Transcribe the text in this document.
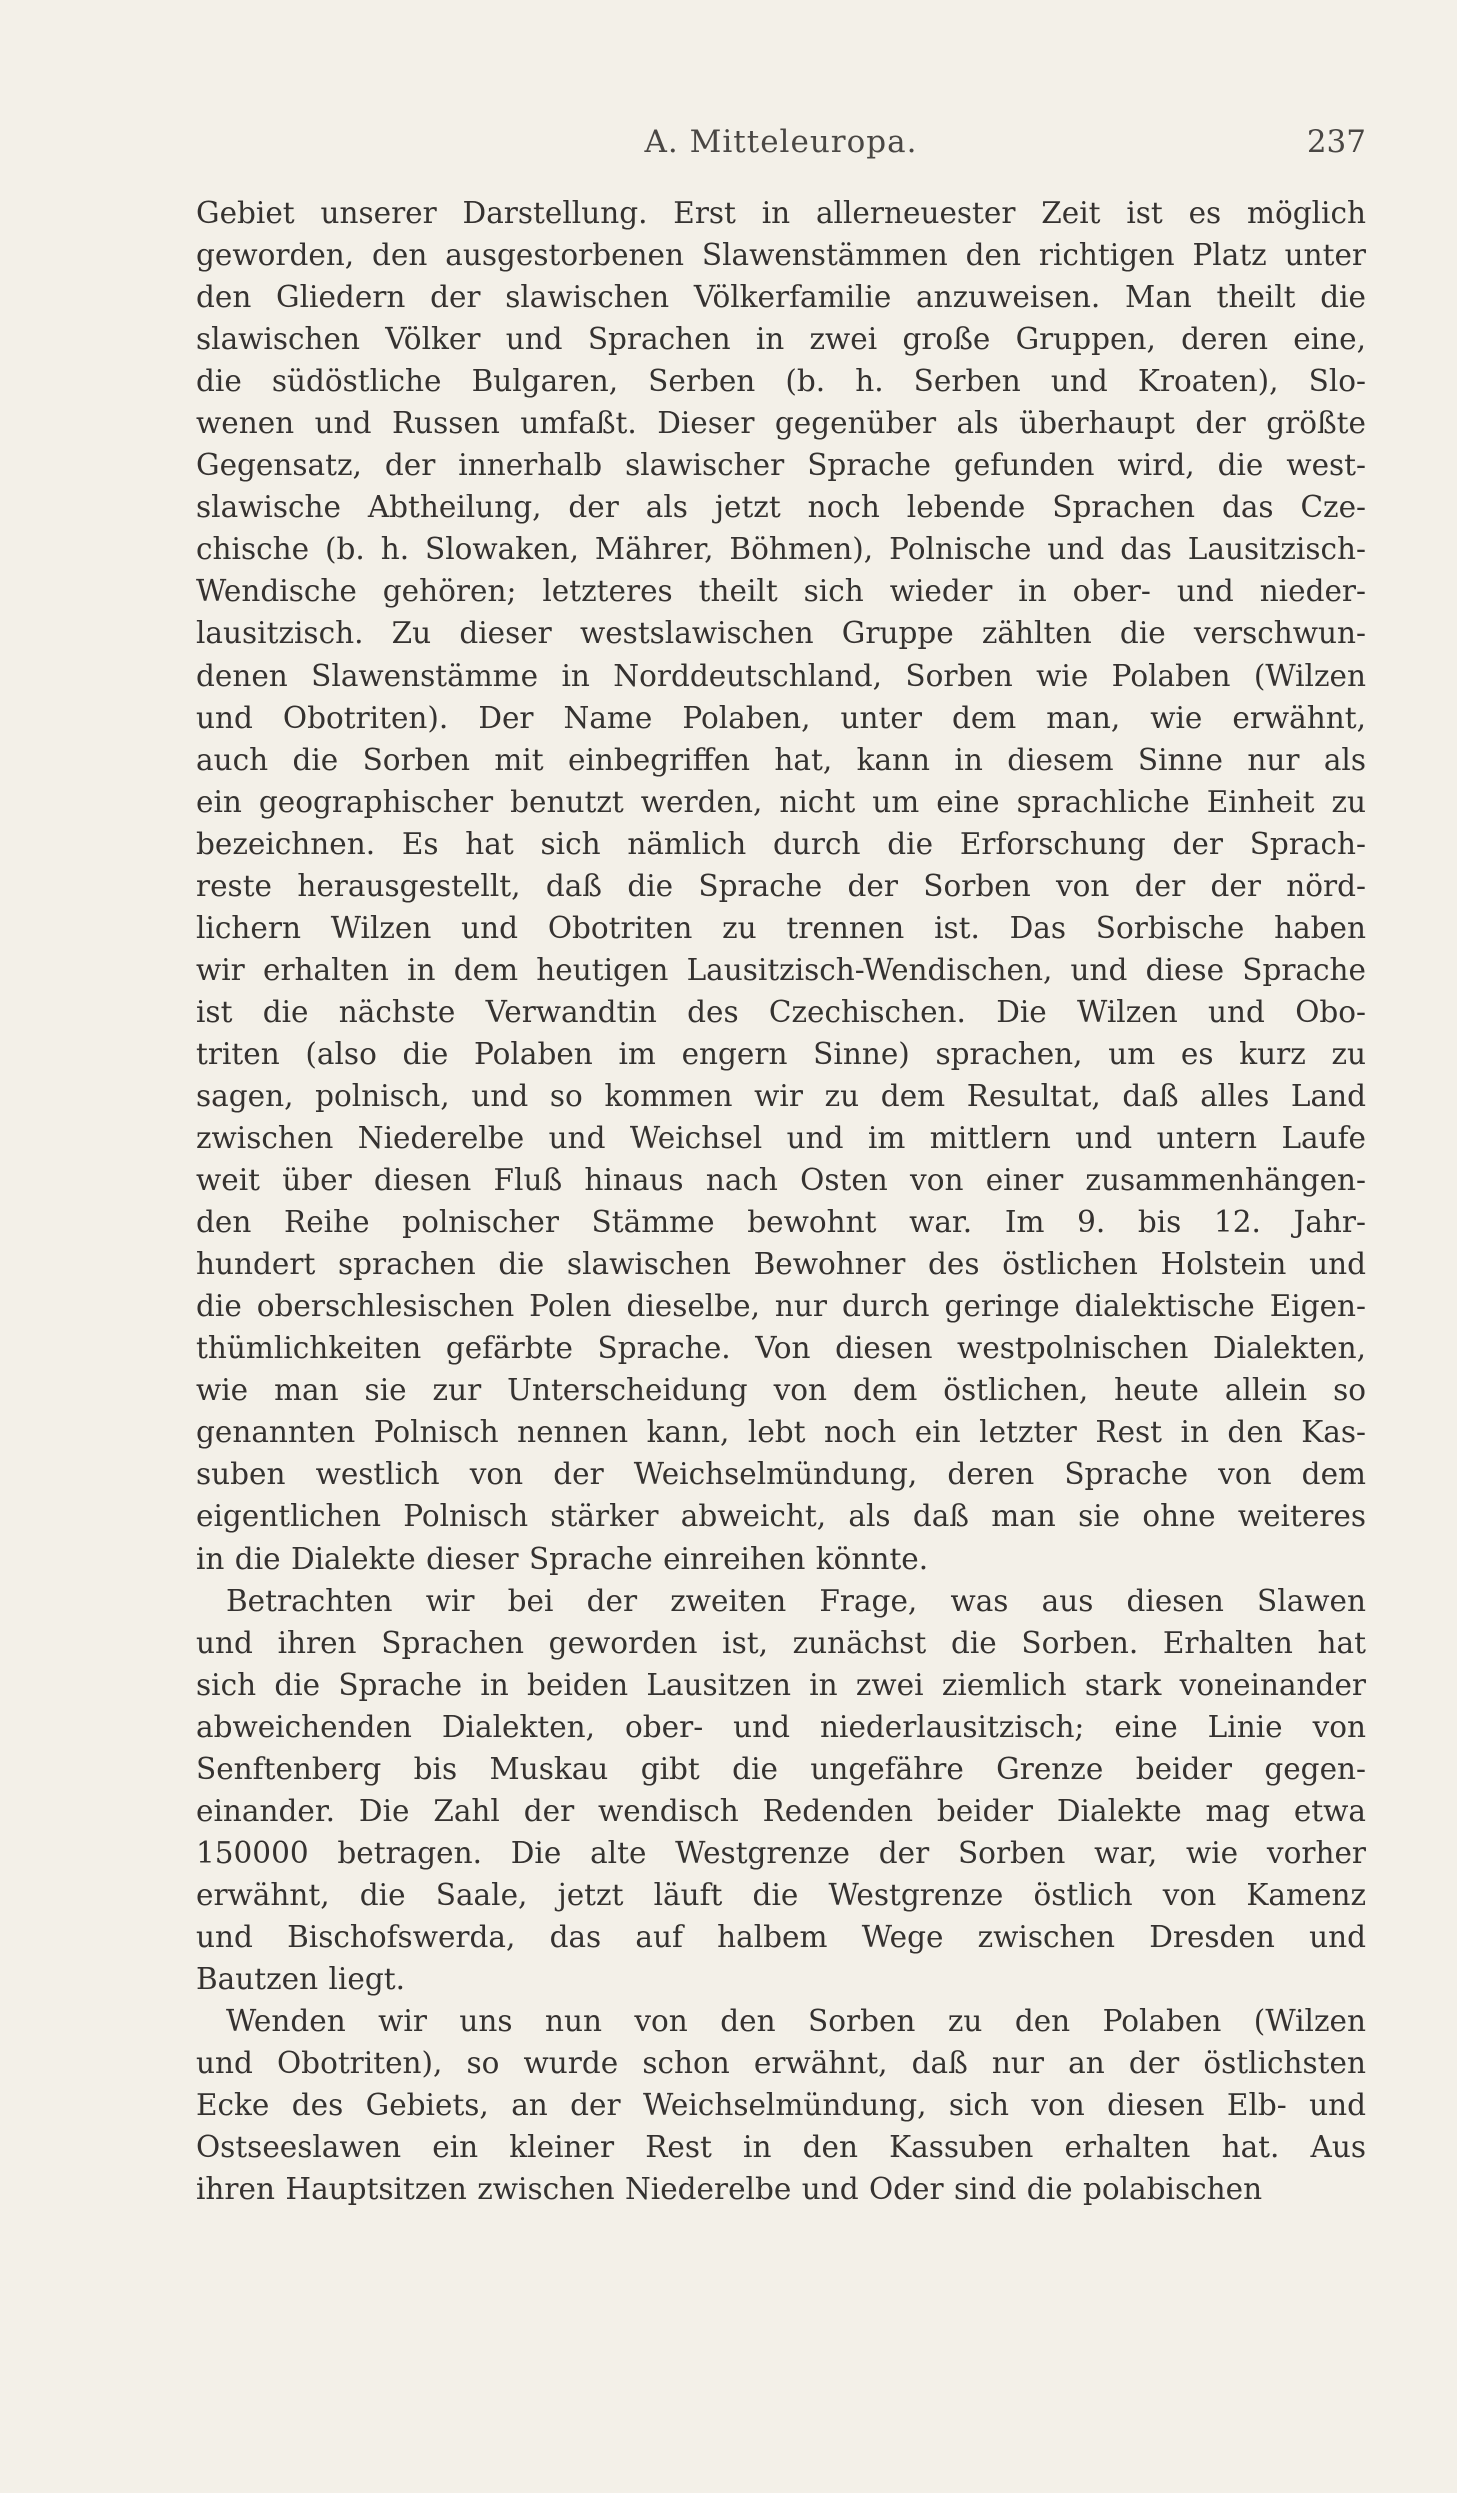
A. Mitteleuropa.	237
Gebiet unserer Darstellung. Erst in allerneuester Zeit ist es möglich
geworden, den ausgestorbenen Slawenstämmen den richtigen Platz unter
den Gliedern der slawischen Völkerfamilie anzuweisen. Man theilt die
slawischen Völker und Sprachen in zwei große Gruppen, deren eine,
die südöstliche Bulgaren, Serben (b. h. Serben und Kroaten), Slo-
wenen und Russen umfaßt. Dieser gegenüber als überhaupt der größte
Gegensatz, der innerhalb slawischer Sprache gefunden wird, die west-
slawische Abtheilung, der als jetzt noch lebende Sprachen das Cze-
chische (b. h. Slowaken, Mährer, Böhmen), Polnische und das Lausitzisch-
Wendische gehören; letzteres theilt sich wieder in ober- und nieder-
lausitzisch. Zu dieser westslawischen Gruppe zählten die verschwun-
denen Slawenstämme in Norddeutschland, Sorben wie Polaben (Wilzen
und Obotriten). Der Name Polaben, unter dem man, wie erwähnt,
auch die Sorben mit einbegriffen hat, kann in diesem Sinne nur als
ein geographischer benutzt werden, nicht um eine sprachliche Einheit zu
bezeichnen. Es hat sich nämlich durch die Erforschung der Sprach-
reste herausgestellt, daß die Sprache der Sorben von der der nörd-
lichern Wilzen und Obotriten zu trennen ist. Das Sorbische haben
wir erhalten in dem heutigen Lausitzisch-Wendischen, und diese Sprache
ist die nächste Verwandtin des Czechischen. Die Wilzen und Obo-
triten (also die Polaben im engern Sinne) sprachen, um es kurz zu
sagen, polnisch, und so kommen wir zu dem Resultat, daß alles Land
zwischen Niederelbe und Weichsel und im mittlern und untern Laufe
weit über diesen Fluß hinaus nach Osten von einer zusammenhängen-
den Reihe polnischer Stämme bewohnt war. Im 9. bis 12. Jahr-
hundert sprachen die slawischen Bewohner des östlichen Holstein und
die oberschlesischen Polen dieselbe, nur durch geringe dialektische Eigen-
thümlichkeiten gefärbte Sprache. Von diesen westpolnischen Dialekten,
wie man sie zur Unterscheidung von dem östlichen, heute allein so
genannten Polnisch nennen kann, lebt noch ein letzter Rest in den Kas-
suben westlich von der Weichselmündung, deren Sprache von dem
eigentlichen Polnisch stärker abweicht, als daß man sie ohne weiteres
in die Dialekte dieser Sprache einreihen könnte.
Betrachten wir bei der zweiten Frage, was aus diesen Slawen
und ihren Sprachen geworden ist, zunächst die Sorben. Erhalten hat
sich die Sprache in beiden Lausitzen in zwei ziemlich stark voneinander
abweichenden Dialekten, ober- und niederlausitzisch; eine Linie von
Senftenberg bis Muskau gibt die ungefähre Grenze beider gegen-
einander. Die Zahl der wendisch Redenden beider Dialekte mag etwa
150000 betragen. Die alte Westgrenze der Sorben war, wie vorher
erwähnt, die Saale, jetzt läuft die Westgrenze östlich von Kamenz
und Bischofswerda, das auf halbem Wege zwischen Dresden und
Bautzen liegt.
Wenden wir uns nun von den Sorben zu den Polaben (Wilzen
und Obotriten), so wurde schon erwähnt, daß nur an der östlichsten
Ecke des Gebiets, an der Weichselmündung, sich von diesen Elb- und
Ostseeslawen ein kleiner Rest in den Kassuben erhalten hat. Aus
ihren Hauptsitzen zwischen Niederelbe und Oder sind die polabischen
